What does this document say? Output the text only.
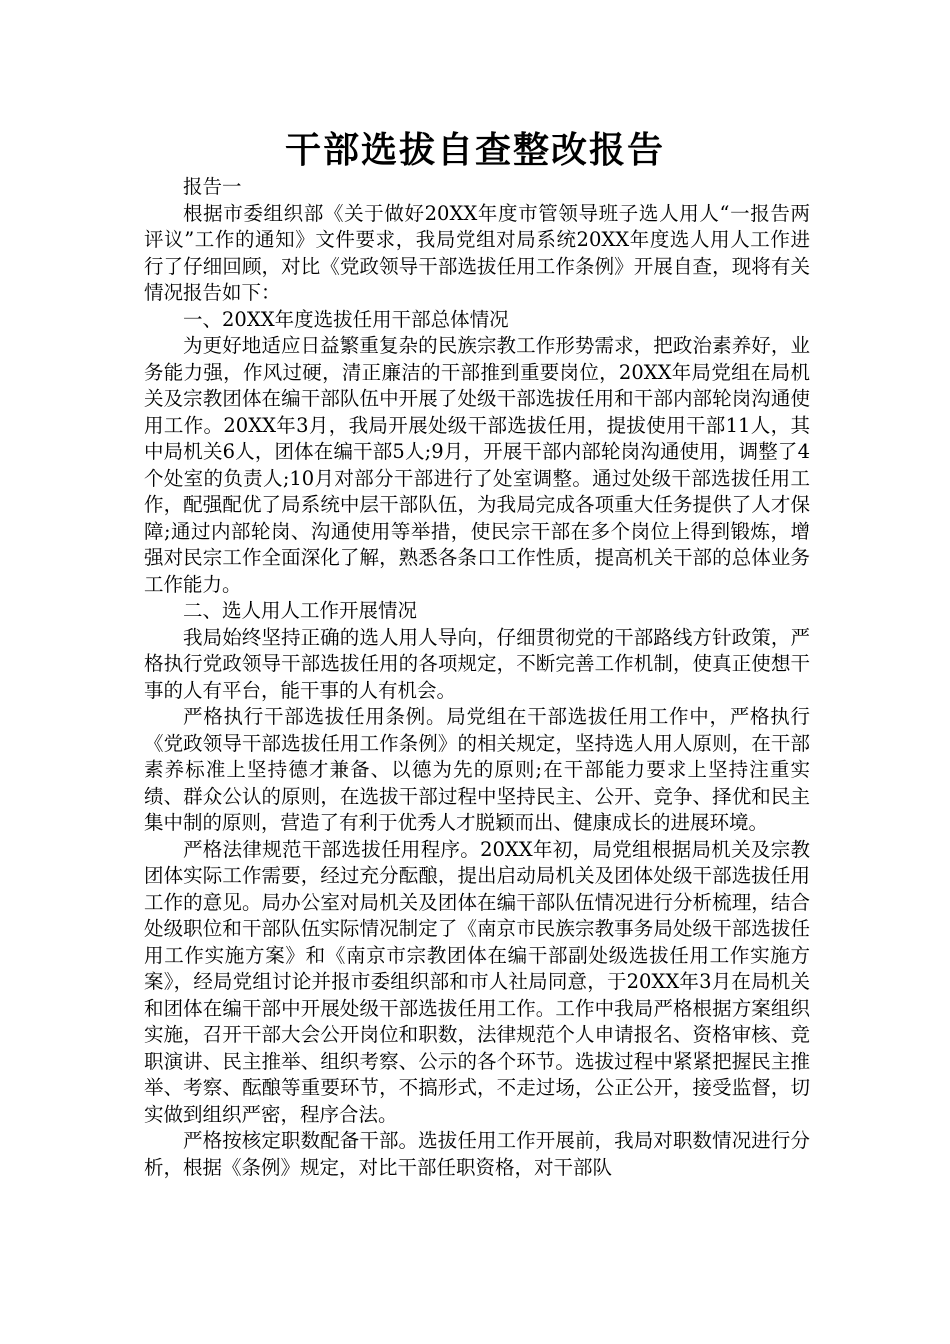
干部选拔自查整改报告

报告一

根据市委组织部《关于做好20XX年度市管领导班子选人用人“一报告两评议”工作的通知》文件要求，我局党组对局系统20XX年度选人用人工作进行了仔细回顾，对比《党政领导干部选拔任用工作条例》开展自查，现将有关情况报告如下：

一、20XX年度选拔任用干部总体情况

为更好地适应日益繁重复杂的民族宗教工作形势需求，把政治素养好，业务能力强，作风过硬，清正廉洁的干部推到重要岗位，20XX年局党组在局机关及宗教团体在编干部队伍中开展了处级干部选拔任用和干部内部轮岗沟通使用工作。20XX年3月，我局开展处级干部选拔任用，提拔使用干部11人，其中局机关6人，团体在编干部5人;9月，开展干部内部轮岗沟通使用，调整了4个处室的负责人;10月对部分干部进行了处室调整。通过处级干部选拔任用工作，配强配优了局系统中层干部队伍，为我局完成各项重大任务提供了人才保障;通过内部轮岗、沟通使用等举措，使民宗干部在多个岗位上得到锻炼，增强对民宗工作全面深化了解，熟悉各条口工作性质，提高机关干部的总体业务工作能力。

二、选人用人工作开展情况

我局始终坚持正确的选人用人导向，仔细贯彻党的干部路线方针政策，严格执行党政领导干部选拔任用的各项规定，不断完善工作机制，使真正使想干事的人有平台，能干事的人有机会。

严格执行干部选拔任用条例。局党组在干部选拔任用工作中，严格执行《党政领导干部选拔任用工作条例》的相关规定，坚持选人用人原则，在干部素养标准上坚持德才兼备、以德为先的原则;在干部能力要求上坚持注重实绩、群众公认的原则，在选拔干部过程中坚持民主、公开、竞争、择优和民主集中制的原则，营造了有利于优秀人才脱颖而出、健康成长的进展环境。

严格法律规范干部选拔任用程序。20XX年初，局党组根据局机关及宗教团体实际工作需要，经过充分酝酿，提出启动局机关及团体处级干部选拔任用工作的意见。局办公室对局机关及团体在编干部队伍情况进行分析梳理，结合处级职位和干部队伍实际情况制定了《南京市民族宗教事务局处级干部选拔任用工作实施方案》和《南京市宗教团体在编干部副处级选拔任用工作实施方案》，经局党组讨论并报市委组织部和市人社局同意，于20XX年3月在局机关和团体在编干部中开展处级干部选拔任用工作。工作中我局严格根据方案组织实施，召开干部大会公开岗位和职数，法律规范个人申请报名、资格审核、竞职演讲、民主推举、组织考察、公示的各个环节。选拔过程中紧紧把握民主推举、考察、酝酿等重要环节，不搞形式，不走过场，公正公开，接受监督，切实做到组织严密，程序合法。

严格按核定职数配备干部。选拔任用工作开展前，我局对职数情况进行分析，根据《条例》规定，对比干部任职资格，对干部队
